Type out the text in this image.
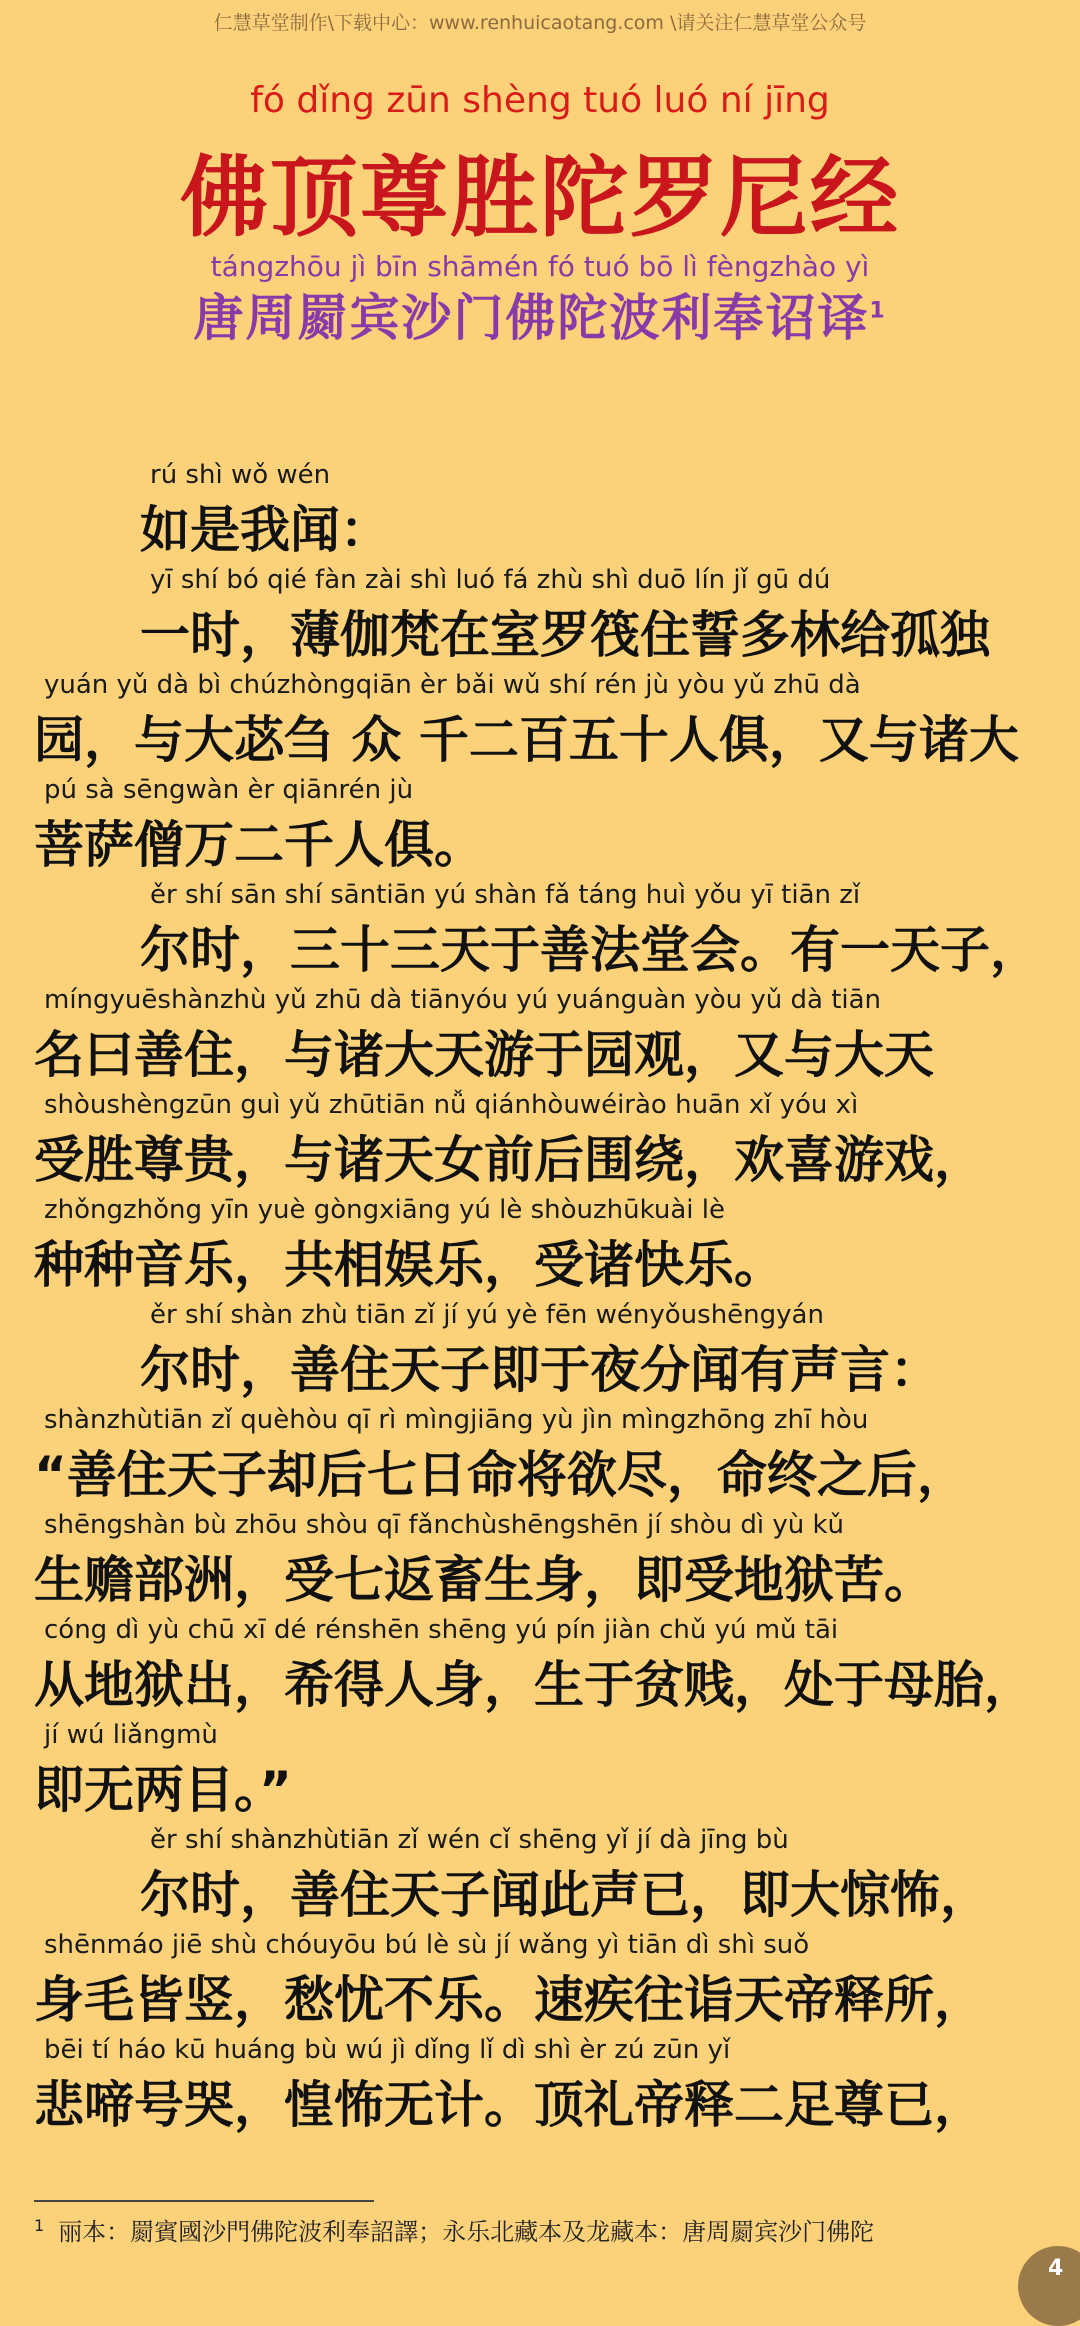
仁慧草堂制作\下载中心：www.renhuicaotang.com \请关注仁慧草堂公众号
fó dǐng zūn shèng tuó luó ní jīng
佛顶尊胜陀罗尼经
tángzhōu jì bīn shāmén fó tuó bō lì fèngzhào yì
唐周罽宾沙门佛陀波利奉诏译$^1$
rú shì wǒ wén
如是我闻：
yī shí bó qié fàn zài shì luó fá zhù shì duō lín jǐ gū dú
一时，薄伽梵在室罗筏住誓多林给孤独
yuán yǔ dà bì chúzhòngqiān èr bǎi wǔ shí rén jù yòu yǔ zhū dà
园，与大苾刍 众 千二百五十人俱，又与诸大
pú sà sēngwàn èr qiānrén jù
菩萨僧万二千人俱。
ěr shí sān shí sāntiān yú shàn fǎ táng huì yǒu yī tiān zǐ
尔时，三十三天于善法堂会。有一天子，
míngyuēshànzhù yǔ zhū dà tiānyóu yú yuánguàn yòu yǔ dà tiān
名曰善住，与诸大天游于园观，又与大天
shòushèngzūn guì yǔ zhūtiān nǚ qiánhòuwéirào huān xǐ yóu xì
受胜尊贵，与诸天女前后围绕，欢喜游戏，
zhǒngzhǒng yīn yuè gòngxiāng yú lè shòuzhūkuài lè
种种音乐，共相娱乐，受诸快乐。
ěr shí shàn zhù tiān zǐ jí yú yè fēn wényǒushēngyán
尔时，善住天子即于夜分闻有声言：
shànzhùtiān zǐ quèhòu qī rì mìngjiāng yù jìn mìngzhōng zhī hòu
“善住天子却后七日命将欲尽，命终之后，
shēngshàn bù zhōu shòu qī fǎnchùshēngshēn jí shòu dì yù kǔ
生赡部洲，受七返畜生身，即受地狱苦。
cóng dì yù chū xī dé rénshēn shēng yú pín jiàn chǔ yú mǔ tāi
从地狱出，希得人身，生于贫贱，处于母胎，
jí wú liǎngmù
即无两目。”
ěr shí shànzhùtiān zǐ wén cǐ shēng yǐ jí dà jīng bù
尔时，善住天子闻此声已，即大惊怖，
shēnmáo jiē shù chóuyōu bú lè sù jí wǎng yì tiān dì shì suǒ
身毛皆竖，愁忧不乐。速疾往诣天帝释所，
bēi tí háo kū huáng bù wú jì dǐng lǐ dì shì èr zú zūn yǐ
悲啼号哭，惶怖无计。顶礼帝释二足尊已，
$^1$ 丽本：罽賓國沙門佛陀波利奉詔譯；永乐北藏本及龙藏本：唐周罽宾沙门佛陀
4
